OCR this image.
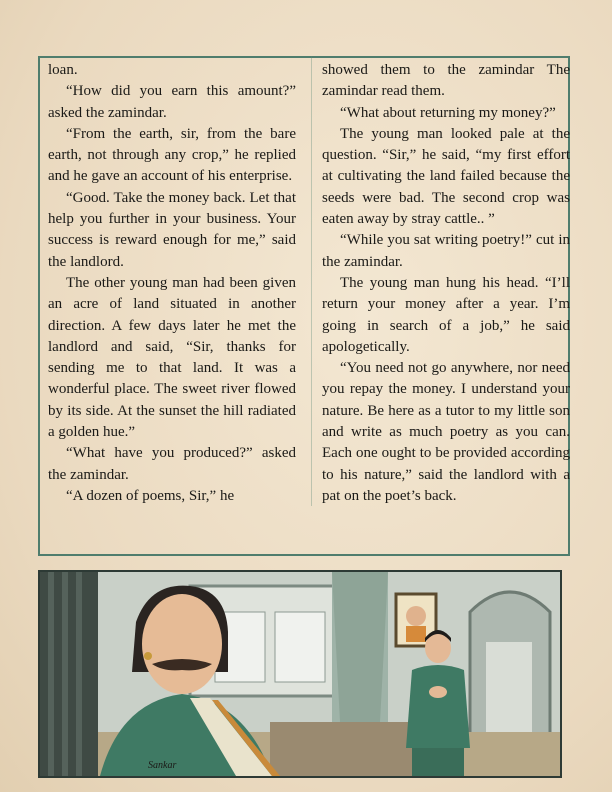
loan.

“How did you earn this amount?” asked the zamindar.

“From the earth, sir, from the bare earth, not through any crop,” he replied and he gave an account of his enterprise.

“Good. Take the money back. Let that help you further in your business. Your success is reward enough for me,” said the landlord.

The other young man had been given an acre of land situated in another direction. A few days later he met the landlord and said, “Sir, thanks for sending me to that land. It was a wonderful place. The sweet river flowed by its side. At the sunset the hill radiated a golden hue.”

“What have you produced?” asked the zamindar.

“A dozen of poems, Sir,” he

showed them to the zamindar The zamindar read them.

“What about returning my money?”

The young man looked pale at the question. “Sir,” he said, “my first effort at cultivating the land failed because the seeds were bad. The second crop was eaten away by stray cattle.. ”

“While you sat writing poetry!” cut in the zamindar.

The young man hung his head. “I’ll return your money after a year. I’m going in search of a job,” he said apologetically.

“You need not go anywhere, nor need you repay the money. I understand your nature. Be here as a tutor to my little son and write as much poetry as you can. Each one ought to be provided according to his nature,” said the landlord with a pat on the poet’s back.

Sankar
